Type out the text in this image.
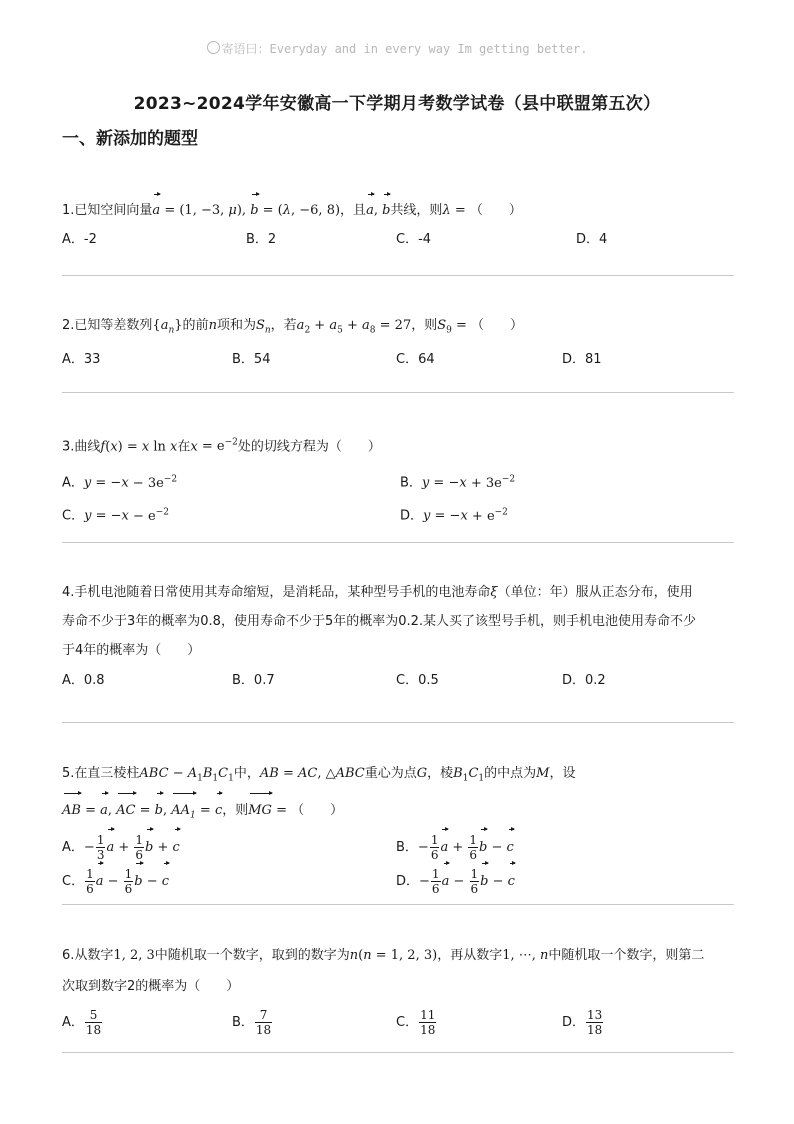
寄语曰：Everyday and in every way Im getting better.
2023~2024学年安徽高一下学期月考数学试卷（县中联盟第五次）
一、新添加的题型
1.已知空间向量a = (1, −3, μ), b = (λ, −6, 8)，且a, b共线，则λ = （　　）
A．-2	B．2	C．-4	D．4
2.已知等差数列$\{a_n\}$的前n项和为$S_n$，若$a_2 + a_5 + a_8 = 27$，则$S_9$ = （　　）
A．33	B．54	C．64	D．81
3.曲线f(x) = x ln x在$x = e^{-2}$处的切线方程为（　　）
A．$y = -x - 3e^{-2}$	B．$y = -x + 3e^{-2}$
C．$y = -x - e^{-2}$	D．$y = -x + e^{-2}$
4.手机电池随着日常使用其寿命缩短，是消耗品，某种型号手机的电池寿命ξ（单位：年）服从正态分布，使用
寿命不少于3年的概率为0.8，使用寿命不少于5年的概率为0.2.某人买了该型号手机，则手机电池使用寿命不少
于4年的概率为（　　）
A．0.8	B．0.7	C．0.5	D．0.2
5.在直三棱柱ABC − $A_1B_1C_1$中，AB = AC, △ABC重心为点G，棱$B_1C_1$的中点为M，设
AB = a, AC = b, $AA_1 = c$，则MG = （　　）
A．− $\frac{1}{3}$ $a + \frac{1}{6}$ b + c	B．− $\frac{1}{6}$ $a + \frac{1}{6}$ b − c
C． $\frac{1}{6}$ $a - \frac{1}{6}$ b − c	D．− $\frac{1}{6}$ $a - \frac{1}{6}$ b − c
6.从数字1, 2, 3中随机取一个数字，取到的数字为n(n = 1, 2, 3)，再从数字1, ⋯, n中随机取一个数字，则第二
次取到数字2的概率为（　　）
A． $\frac{5}{18}$	B． $\frac{7}{18}$	C． $\frac{11}{18}$	D． $\frac{13}{18}$
